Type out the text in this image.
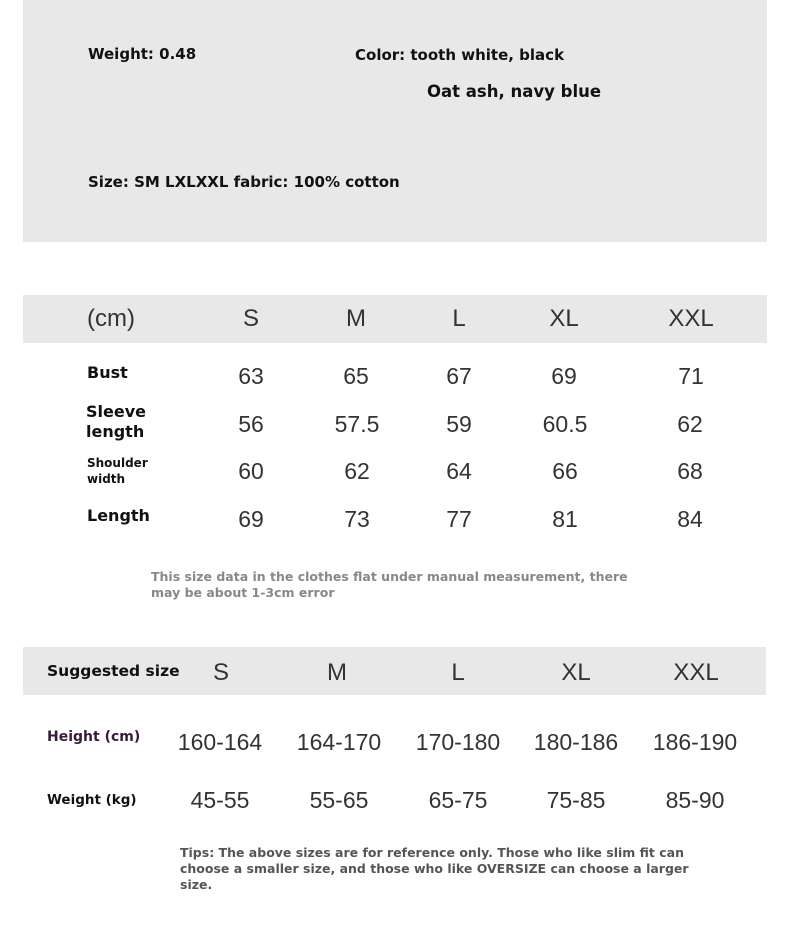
Weight: 0.48	Color: tooth white, black
Oat ash, navy blue
Size: SM LXLXXL fabric: 100% cotton
(cm)	S	M	L	XL	XXL
Bust	63	65	67	69	71
Sleeve
length	56	57.5	59	60.5	62
Shoulder
width	60	62	64	66	68
Length	69	73	77	81	84
This size data in the clothes flat under manual measurement, there may be about 1-3cm error
Suggested size	S	M	L	XL	XXL
Height (cm)	160-164	164-170	170-180	180-186	186-190
Weight (kg)	45-55	55-65	65-75	75-85	85-90
Tips: The above sizes are for reference only. Those who like slim fit can choose a smaller size, and those who like OVERSIZE can choose a larger size.
